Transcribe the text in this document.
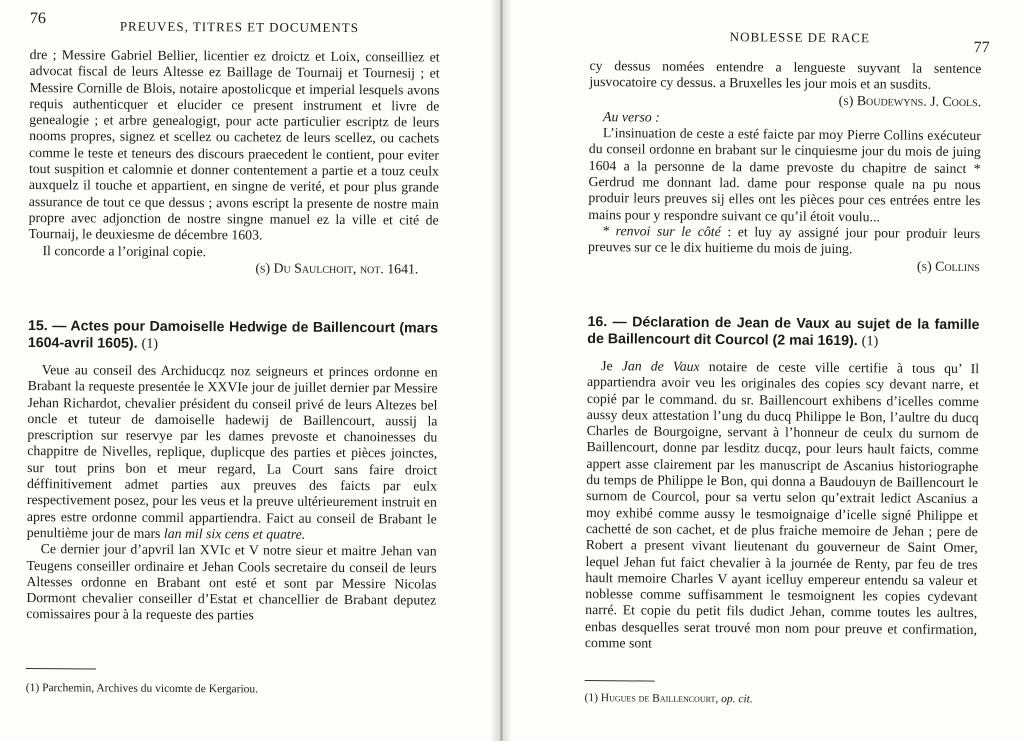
76	PREUVES, TITRES ET DOCUMENTS

dre ; Messire Gabriel Bellier, licentier ez droictz et Loix, conseilliez et advocat fiscal de leurs Altesse ez Baillage de Tournaij et Tournesij ; et Messire Cornille de Blois, notaire apostolicque et imperial lesquels avons requis authenticquer et elucider ce present instrument et livre de genealogie ; et arbre genealogigt, pour acte particulier escriptz de leurs nooms propres, signez et scellez ou cachetez de leurs scellez, ou cachets comme le teste et teneurs des discours praecedent le contient, pour eviter tout suspition et calomnie et donner contentement a partie et a touz ceulx auxquelz il touche et appartient, en singne de verité, et pour plus grande assurance de tout ce que dessus ; avons escript la presente de nostre main propre avec adjonction de nostre singne manuel ez la ville et cité de Tournaij, le deuxiesme de décembre 1603.

Il concorde a l’original copie.

(s) Du Saulchoit, not. 1641.

15. — Actes pour Damoiselle Hedwige de Baillencourt (mars 1604-avril 1605). (1)

Veue au conseil des Archiducqz noz seigneurs et princes ordonne en Brabant la requeste presentée le XXVIe jour de juillet dernier par Messire Jehan Richardot, chevalier président du conseil privé de leurs Altezes bel oncle et tuteur de damoiselle hadewij de Baillencourt, aussij la prescription sur reservye par les dames prevoste et chanoinesses du chappitre de Nivelles, replique, duplicque des parties et pièces joinctes, sur tout prins bon et meur regard, La Court sans faire droict déffinitivement admet parties aux preuves des faicts par eulx respectivement posez, pour les veus et la preuve ultérieurement instruit en apres estre ordonne commil appartiendra. Faict au conseil de Brabant le penultième jour de mars lan mil six cens et quatre.

Ce dernier jour d’apvril lan XVIc et V notre sieur et maitre Jehan van Teugens conseiller ordinaire et Jehan Cools secretaire du conseil de leurs Altesses ordonne en Brabant ont esté et sont par Messire Nicolas Dormont chevalier conseiller d’Estat et chancellier de Brabant deputez comissaires pour à la requeste des parties

(1) Parchemin, Archives du vicomte de Kergariou.
NOBLESSE DE RACE
77

cy dessus nomées entendre a lengueste suyvant la sentence jusvocatoire cy dessus. a Bruxelles les jour mois et an susdits.

(s) Boudewyns. J. Cools.

Au verso :

L’insinuation de ceste a esté faicte par moy Pierre Collins exécuteur du conseil ordonne en brabant sur le cinquiesme jour du mois de juing 1604 a la personne de la dame prevoste du chapitre de sainct * Gerdrud me donnant lad. dame pour response quale na pu nous produir leurs preuves sij elles ont les pièces pour ces entrées entre les mains pour y respondre suivant ce qu’il étoit voulu...

* renvoi sur le côté : et luy ay assigné jour pour produir leurs preuves sur ce le dix huitieme du mois de juing.

(s) Collins

16. — Déclaration de Jean de Vaux au sujet de la famille de Baillencourt dit Courcol (2 mai 1619). (1)

Je Jan de Vaux notaire de ceste ville certifie à tous qu’ Il appartiendra avoir veu les originales des copies scy devant narre, et copié par le command. du sr. Baillencourt exhibens d’icelles comme aussy deux attestation l’ung du ducq Philippe le Bon, l’aultre du ducq Charles de Bourgoigne, servant à l’honneur de ceulx du surnom de Baillencourt, donne par lesditz ducqz, pour leurs hault faicts, comme appert asse clairement par les manuscript de Ascanius historiographe du temps de Philippe le Bon, qui donna a Baudouyn de Baillencourt le surnom de Courcol, pour sa vertu selon qu’extrait ledict Ascanius a moy exhibé comme aussy le tesmoignaige d’icelle signé Philippe et cachetté de son cachet, et de plus fraiche memoire de Jehan ; pere de Robert a present vivant lieutenant du gouverneur de Saint Omer, lequel Jehan fut faict chevalier à la journée de Renty, par feu de tres hault memoire Charles V ayant icelluy empereur entendu sa valeur et noblesse comme suffisamment le tesmoignent les copies cydevant narré. Et copie du petit fils dudict Jehan, comme toutes les aultres, enbas desquelles serat trouvé mon nom pour preuve et confirmation, comme sont

(1) Hugues de Baillencourt, op. cit.
